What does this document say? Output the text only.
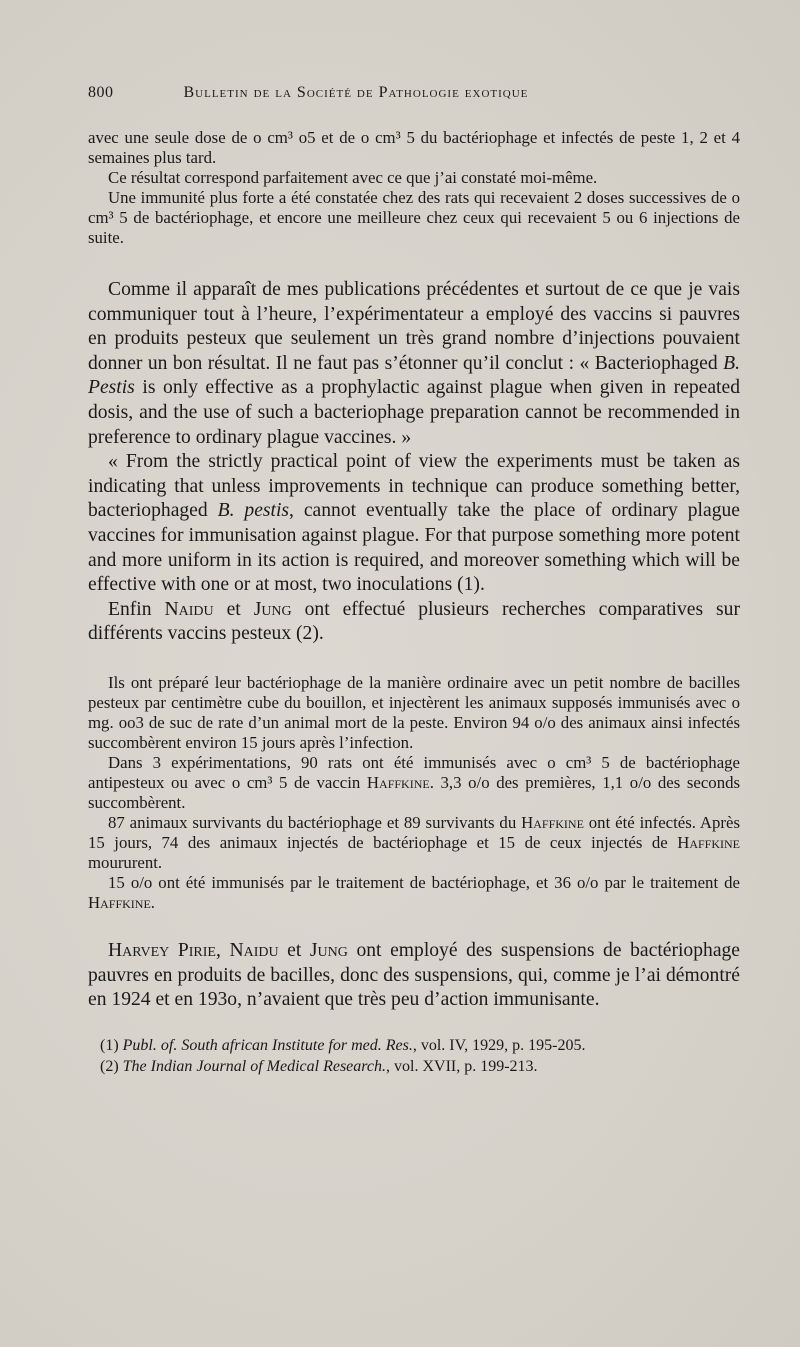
800	Bulletin de la Société de Pathologie exotique

avec une seule dose de o cm³ o5 et de o cm³ 5 du bactériophage et infectés de peste 1, 2 et 4 semaines plus tard.

Ce résultat correspond parfaitement avec ce que j’ai constaté moi-même.

Une immunité plus forte a été constatée chez des rats qui recevaient 2 doses successives de o cm³ 5 de bactériophage, et encore une meilleure chez ceux qui recevaient 5 ou 6 injections de suite.

Comme il apparaît de mes publications précédentes et surtout de ce que je vais communiquer tout à l’heure, l’expérimentateur a employé des vaccins si pauvres en produits pesteux que seulement un très grand nombre d’injections pouvaient donner un bon résultat. Il ne faut pas s’étonner qu’il conclut : « Bacteriophaged B. Pestis is only effective as a prophylactic against plague when given in repeated dosis, and the use of such a bacteriophage preparation cannot be recommended in preference to ordinary plague vaccines. »

« From the strictly practical point of view the experiments must be taken as indicating that unless improvements in technique can produce something better, bacteriophaged B. pestis, cannot eventually take the place of ordinary plague vaccines for immunisation against plague. For that purpose something more potent and more uniform in its action is required, and moreover something which will be effective with one or at most, two inoculations (1).

Enfin Naidu et Jung ont effectué plusieurs recherches comparatives sur différents vaccins pesteux (2).

Ils ont préparé leur bactériophage de la manière ordinaire avec un petit nombre de bacilles pesteux par centimètre cube du bouillon, et injectèrent les animaux supposés immunisés avec o mg. oo3 de suc de rate d’un animal mort de la peste. Environ 94 o/o des animaux ainsi infectés succombèrent environ 15 jours après l’infection.

Dans 3 expérimentations, 90 rats ont été immunisés avec o cm³ 5 de bactériophage antipesteux ou avec o cm³ 5 de vaccin Haffkine. 3,3 o/o des premières, 1,1 o/o des seconds succombèrent.

87 animaux survivants du bactériophage et 89 survivants du Haffkine ont été infectés. Après 15 jours, 74 des animaux injectés de bactériophage et 15 de ceux injectés de Haffkine moururent.

15 o/o ont été immunisés par le traitement de bactériophage, et 36 o/o par le traitement de Haffkine.

Harvey Pirie, Naidu et Jung ont employé des suspensions de bactériophage pauvres en produits de bacilles, donc des suspensions, qui, comme je l’ai démontré en 1924 et en 193o, n’avaient que très peu d’action immunisante.

(1) Publ. of. South african Institute for med. Res., vol. IV, 1929, p. 195-205.

(2) The Indian Journal of Medical Research., vol. XVII, p. 199-213.
